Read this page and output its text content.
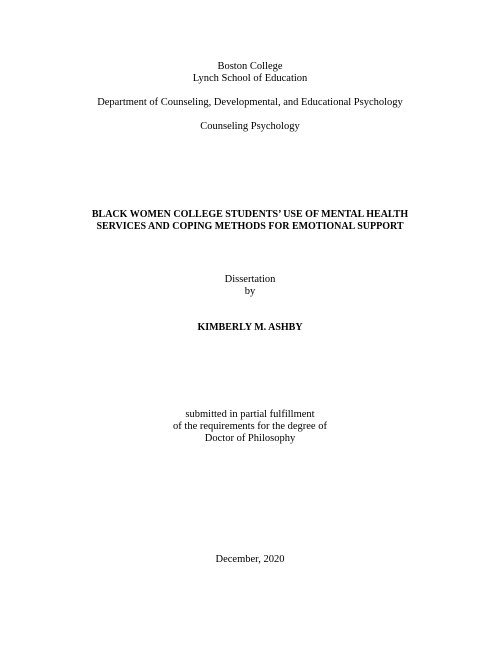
Boston College
Lynch School of Education
Department of Counseling, Developmental, and Educational Psychology
Counseling Psychology
BLACK WOMEN COLLEGE STUDENTS’ USE OF MENTAL HEALTH
SERVICES AND COPING METHODS FOR EMOTIONAL SUPPORT
Dissertation
by
KIMBERLY M. ASHBY
submitted in partial fulfillment
of the requirements for the degree of
Doctor of Philosophy
December, 2020
